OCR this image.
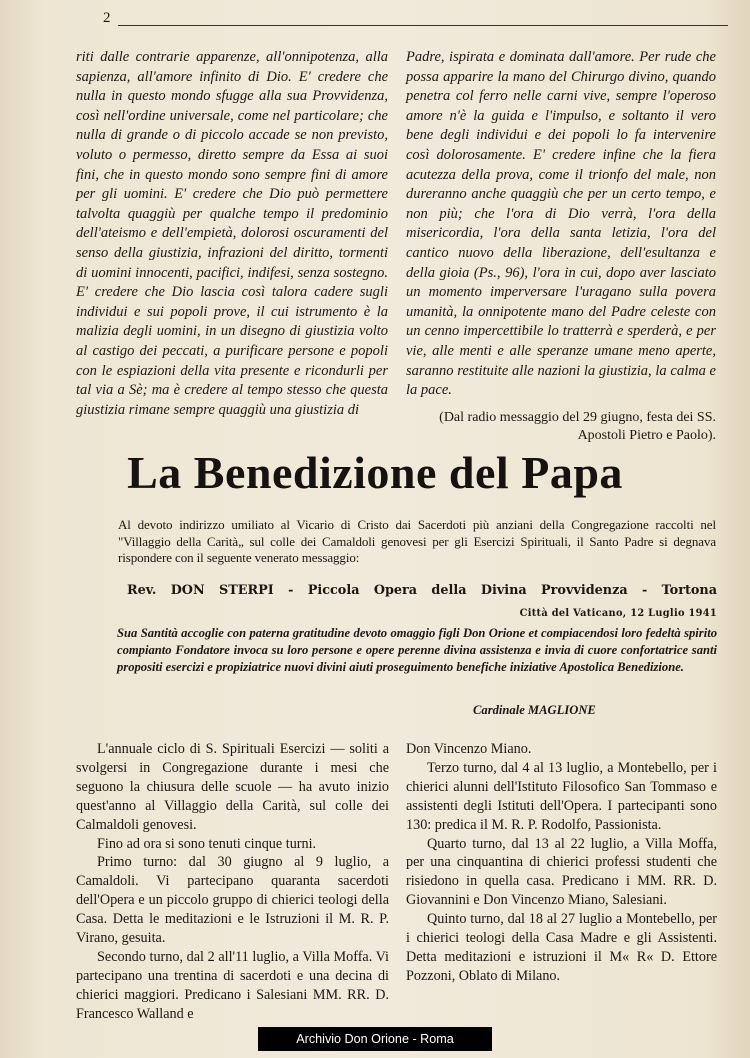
2

riti dalle contrarie apparenze, all'onnipotenza, alla sapienza, all'amore infinito di Dio. E' credere che nulla in questo mondo sfugge alla sua Provvidenza, così nell'ordine universale, come nel particolare; che nulla di grande o di piccolo accade se non previsto, voluto o permesso, diretto sempre da Essa ai suoi fini, che in questo mondo sono sempre fini di amore per gli uomini. E' credere che Dio può permettere talvolta quaggiù per qualche tempo il predominio dell'ateismo e dell'empietà, dolorosi oscuramenti del senso della giustizia, infrazioni del diritto, tormenti di uomini innocenti, pacifici, indifesi, senza sostegno. E' credere che Dio lascia così talora cadere sugli individui e sui popoli prove, il cui istrumento è la malizia degli uomini, in un disegno di giustizia volto al castigo dei peccati, a purificare persone e popoli con le espiazioni della vita presente e ricondurli per tal via a Sè; ma è credere al tempo stesso che questa giustizia rimane sempre quaggiù una giustizia di

Padre, ispirata e dominata dall'amore. Per rude che possa apparire la mano del Chirurgo divino, quando penetra col ferro nelle carni vive, sempre l'operoso amore n'è la guida e l'impulso, e soltanto il vero bene degli individui e dei popoli lo fa intervenire così dolorosamente. E' credere infine che la fiera acutezza della prova, come il trionfo del male, non dureranno anche quaggiù che per un certo tempo, e non più; che l'ora di Dio verrà, l'ora della misericordia, l'ora della santa letizia, l'ora del cantico nuovo della liberazione, dell'esultanza e della gioia (Ps., 96), l'ora in cui, dopo aver lasciato un momento imperversare l'uragano sulla povera umanità, la onnipotente mano del Padre celeste con un cenno impercettibile lo tratterrà e sperderà, e per vie, alle menti e alle speranze umane meno aperte, saranno restituite alle nazioni la giustizia, la calma e la pace.

(Dal radio messaggio del 29 giugno, festa dei SS. Apostoli Pietro e Paolo).

La Benedizione del Papa
Al devoto indirizzo umiliato al Vicario di Cristo dai Sacerdoti più anziani della Congregazione raccolti nel "Villaggio della Carità„ sul colle dei Camaldoli genovesi per gli Esercizi Spirituali, il Santo Padre si degnava rispondere con il seguente venerato messaggio:
Rev. DON STERPI - Piccola Opera della Divina Provvidenza - Tortona
Città del Vaticano, 12 Luglio 1941
Sua Santità accoglie con paterna gratitudine devoto omaggio figli Don Orione et compiacendosi loro fedeltà spirito compianto Fondatore invoca su loro persone e opere perenne divina assistenza e invia di cuore confortatrice santi propositi esercizi e propiziatrice nuovi divini aiuti proseguimento benefiche iniziative Apostolica Benedizione.
Cardinale MAGLIONE

L'annuale ciclo di S. Spirituali Esercizi — soliti a svolgersi in Congregazione durante i mesi che seguono la chiusura delle scuole — ha avuto inizio quest'anno al Villaggio della Carità, sul colle dei Calmaldoli genovesi.

Fino ad ora si sono tenuti cinque turni.

Primo turno: dal 30 giugno al 9 luglio, a Camaldoli. Vi partecipano quaranta sacerdoti dell'Opera e un piccolo gruppo di chierici teologi della Casa. Detta le meditazioni e le Istruzioni il M. R. P. Virano, gesuita.

Secondo turno, dal 2 all'11 luglio, a Villa Moffa. Vi partecipano una trentina di sacerdoti e una decina di chierici maggiori. Predicano i Salesiani MM. RR. D. Francesco Walland e

Don Vincenzo Miano.

Terzo turno, dal 4 al 13 luglio, a Montebello, per i chierici alunni dell'Istituto Filosofico San Tommaso e assistenti degli Istituti dell'Opera. I partecipanti sono 130: predica il M. R. P. Rodolfo, Passionista.

Quarto turno, dal 13 al 22 luglio, a Villa Moffa, per una cinquantina di chierici professi studenti che risiedono in quella casa. Predicano i MM. RR. D. Giovannini e Don Vincenzo Miano, Salesiani.

Quinto turno, dal 18 al 27 luglio a Montebello, per i chierici teologi della Casa Madre e gli Assistenti. Detta meditazioni e istruzioni il M« R« D. Ettore Pozzoni, Oblato di Milano.

Archivio Don Orione - Roma
